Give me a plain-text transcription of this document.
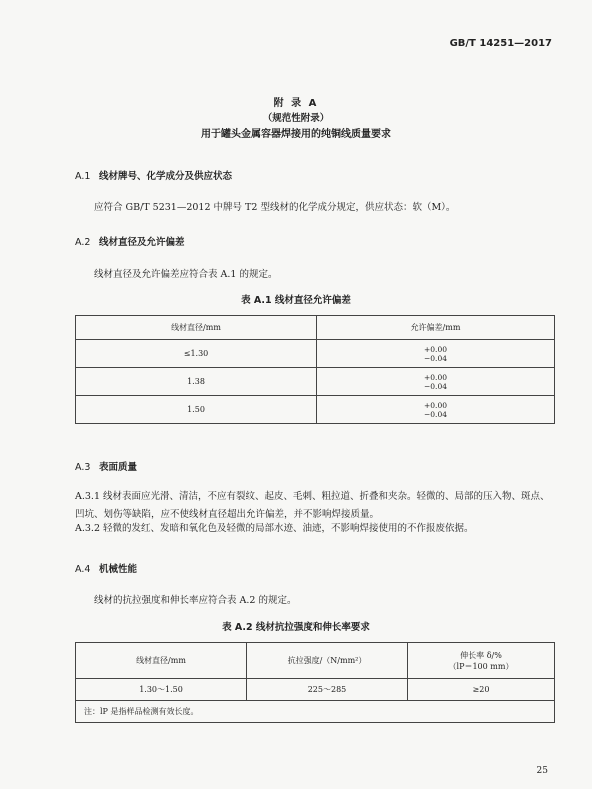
GB/T 14251—2017
附 录 A
（规范性附录）
用于罐头金属容器焊接用的纯铜线质量要求
A.1 线材牌号、化学成分及供应状态
应符合 GB/T 5231—2012 中牌号 T2 型线材的化学成分规定，供应状态：软（M）。
A.2 线材直径及允许偏差
线材直径及允许偏差应符合表 A.1 的规定。
表 A.1 线材直径允许偏差
线材直径/mm	允许偏差/mm
≤1.30	+0.00
−0.04

1.38	+0.00
−0.04

1.50	+0.00
−0.04
A.3 表面质量
A.3.1 线材表面应光滑、清洁，不应有裂纹、起皮、毛刺、粗拉道、折叠和夹杂。轻微的、局部的压入物、斑点、凹坑、划伤等缺陷，应不使线材直径超出允许偏差，并不影响焊接质量。
A.3.2 轻微的发红、发暗和氧化色及轻微的局部水迹、油迹，不影响焊接使用的不作报废依据。
A.4 机械性能
线材的抗拉强度和伸长率应符合表 A.2 的规定。
表 A.2 线材抗拉强度和伸长率要求
线材直径/mm	抗拉强度/（N/mm²）	伸长率 δ/%
（lP＝100 mm）

1.30～1.50	225～285	≥20
注：lP 是指样品检测有效长度。		
25
